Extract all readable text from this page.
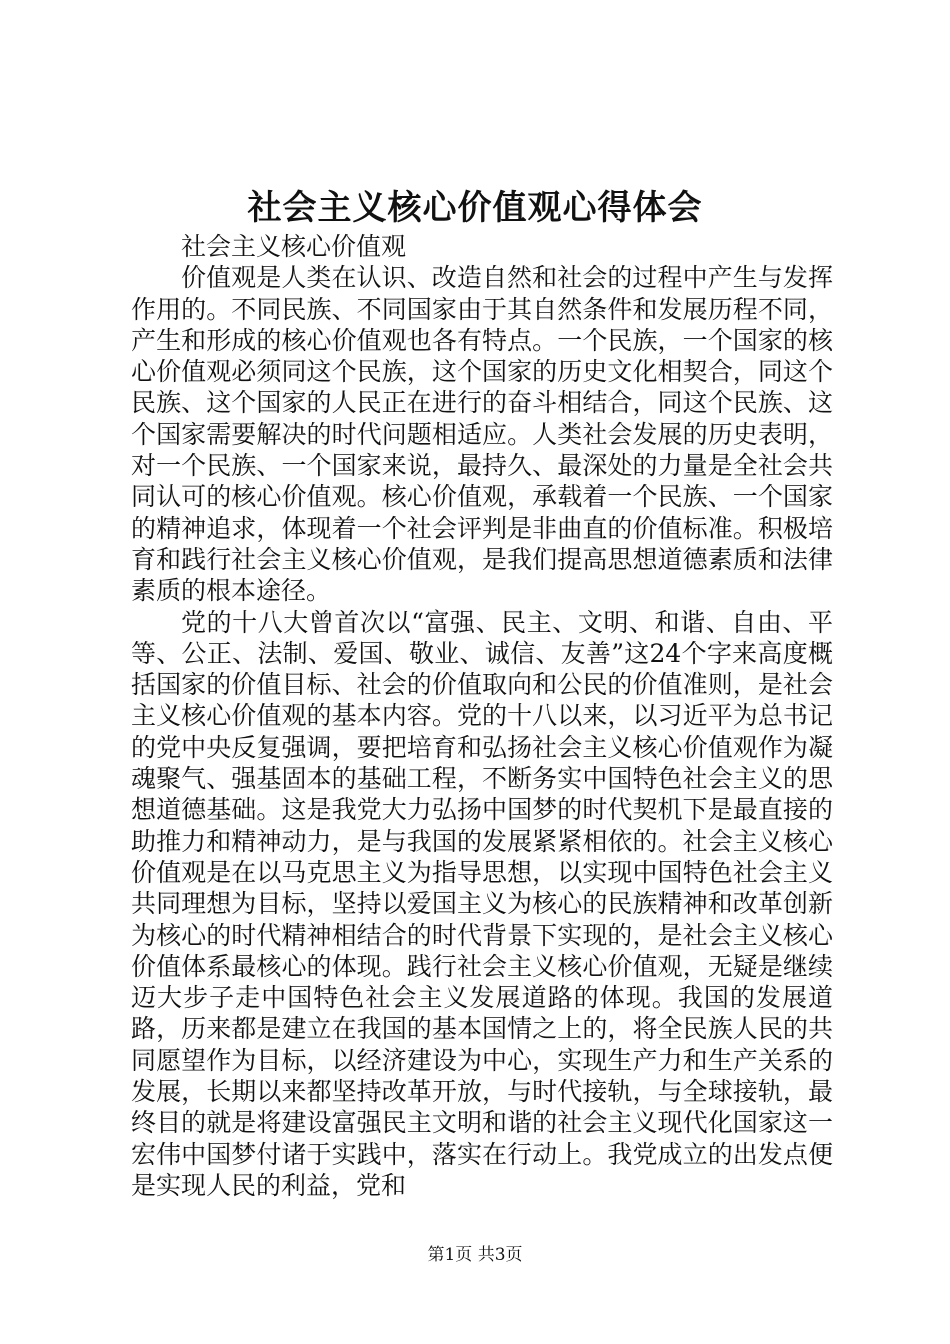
社会主义核心价值观心得体会

社会主义核心价值观

价值观是人类在认识、改造自然和社会的过程中产生与发挥作用的。不同民族、不同国家由于其自然条件和发展历程不同，产生和形成的核心价值观也各有特点。一个民族，一个国家的核心价值观必须同这个民族，这个国家的历史文化相契合，同这个民族、这个国家的人民正在进行的奋斗相结合，同这个民族、这个国家需要解决的时代问题相适应。人类社会发展的历史表明，对一个民族、一个国家来说，最持久、最深处的力量是全社会共同认可的核心价值观。核心价值观，承载着一个民族、一个国家的精神追求，体现着一个社会评判是非曲直的价值标准。积极培育和践行社会主义核心价值观，是我们提高思想道德素质和法律素质的根本途径。

党的十八大曾首次以“富强、民主、文明、和谐、自由、平等、公正、法制、爱国、敬业、诚信、友善”这24个字来高度概括国家的价值目标、社会的价值取向和公民的价值准则，是社会主义核心价值观的基本内容。党的十八以来，以习近平为总书记的党中央反复强调，要把培育和弘扬社会主义核心价值观作为凝魂聚气、强基固本的基础工程，不断务实中国特色社会主义的思想道德基础。这是我党大力弘扬中国梦的时代契机下是最直接的助推力和精神动力，是与我国的发展紧紧相依的。社会主义核心价值观是在以马克思主义为指导思想，以实现中国特色社会主义共同理想为目标，坚持以爱国主义为核心的民族精神和改革创新为核心的时代精神相结合的时代背景下实现的，是社会主义核心价值体系最核心的体现。践行社会主义核心价值观，无疑是继续迈大步子走中国特色社会主义发展道路的体现。我国的发展道路，历来都是建立在我国的基本国情之上的，将全民族人民的共同愿望作为目标，以经济建设为中心，实现生产力和生产关系的发展，长期以来都坚持改革开放，与时代接轨，与全球接轨，最终目的就是将建设富强民主文明和谐的社会主义现代化国家这一宏伟中国梦付诸于实践中，落实在行动上。我党成立的出发点便是实现人民的利益，党和

第1页 共3页
